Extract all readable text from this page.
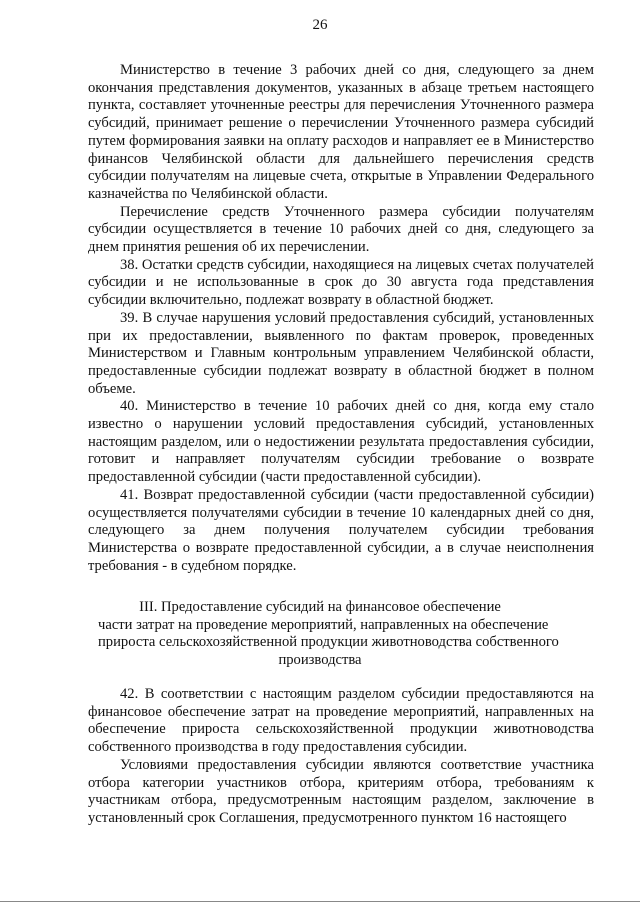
26

Министерство в течение 3 рабочих дней со дня, следующего за днем окончания представления документов, указанных в абзаце третьем настоящего пункта, составляет уточненные реестры для перечисления Уточненного размера субсидий, принимает решение о перечислении Уточненного размера субсидий путем формирования заявки на оплату расходов и направляет ее в Министерство финансов Челябинской области для дальнейшего перечисления средств субсидии получателям на лицевые счета, открытые в Управлении Федерального казначейства по Челябинской области.

Перечисление средств Уточненного размера субсидии получателям субсидии осуществляется в течение 10 рабочих дней со дня, следующего за днем принятия решения об их перечислении.

38. Остатки средств субсидии, находящиеся на лицевых счетах получателей субсидии и не использованные в срок до 30 августа года представления субсидии включительно, подлежат возврату в областной бюджет.

39. В случае нарушения условий предоставления субсидий, установленных при их предоставлении, выявленного по фактам проверок, проведенных Министерством и Главным контрольным управлением Челябинской области, предоставленные субсидии подлежат возврату в областной бюджет в полном объеме.

40. Министерство в течение 10 рабочих дней со дня, когда ему стало известно о нарушении условий предоставления субсидий, установленных настоящим разделом, или о недостижении результата предоставления субсидии, готовит и направляет получателям субсидии требование о возврате предоставленной субсидии (части предоставленной субсидии).

41. Возврат предоставленной субсидии (части предоставленной субсидии) осуществляется получателями субсидии в течение 10 календарных дней со дня, следующего за днем получения получателем субсидии требования Министерства о возврате предоставленной субсидии, а в случае неисполнения требования - в судебном порядке.

III. Предоставление субсидий на финансовое обеспечение
части затрат на проведение мероприятий, направленных на обеспечение
прироста сельскохозяйственной продукции животноводства собственного
производства

42. В соответствии с настоящим разделом субсидии предоставляются на финансовое обеспечение затрат на проведение мероприятий, направленных на обеспечение прироста сельскохозяйственной продукции животноводства собственного производства в году предоставления субсидии.

Условиями предоставления субсидии являются соответствие участника отбора категории участников отбора, критериям отбора, требованиям к участникам отбора, предусмотренным настоящим разделом, заключение в установленный срок Соглашения, предусмотренного пунктом 16 настоящего
